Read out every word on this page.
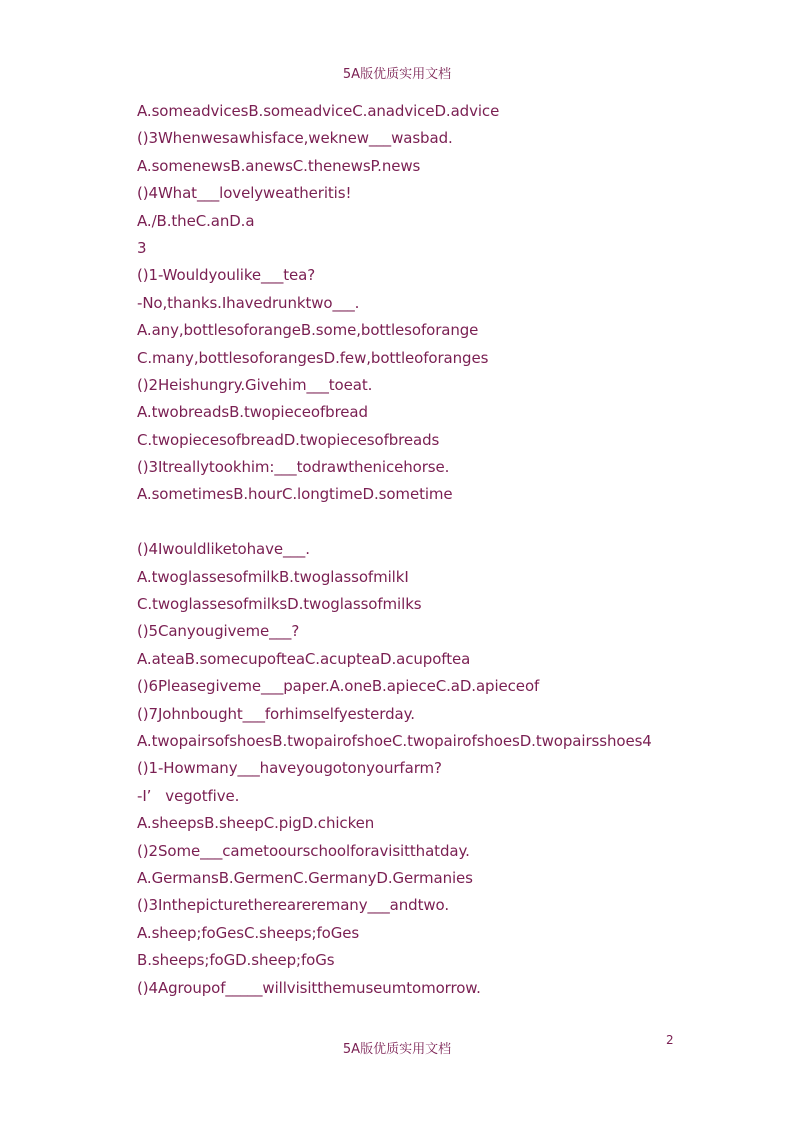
5A版优质实用文档
A.someadvicesB.someadviceC.anadviceD.advice
()3Whenwesawhisface,weknew___wasbad.
A.somenewsB.anewsC.thenewsP.news
()4What___lovelyweatheritis!
A./B.theC.anD.a
3
()1-Wouldyoulike___tea?
-No,thanks.Ihavedrunktwo___.
A.any,bottlesoforangeB.some,bottlesoforange
C.many,bottlesoforangesD.few,bottleoforanges
()2Heishungry.Givehim___toeat.
A.twobreadsB.twopieceofbread
C.twopiecesofbreadD.twopiecesofbreads
()3Itreallytookhim:___todrawthenicehorse.
A.sometimesB.hourC.longtimeD.sometime
()4Iwouldliketohave___.
A.twoglassesofmilkB.twoglassofmilkI
C.twoglassesofmilksD.twoglassofmilks
()5Canyougiveme___?
A.ateaB.somecupofteaC.acupteaD.acupoftea
()6Pleasegiveme___paper.A.oneB.apieceC.aD.apieceof
()7Johnbought___forhimselfyesterday.
A.twopairsofshoesB.twopairofshoeC.twopairofshoesD.twopairsshoes4
()1-Howmany___haveyougotonyourfarm?
-I’   vegotfive.
A.sheepsB.sheepC.pigD.chicken
()2Some___cametoourschoolforavisitthatday.
A.GermansB.GermenC.GermanyD.Germanies
()3Inthepicturethereareremany___andtwo.
A.sheep;foGesC.sheeps;foGes
B.sheeps;foGD.sheep;foGs
()4Agroupof_____willvisitthemuseumtomorrow.
2
5A版优质实用文档
